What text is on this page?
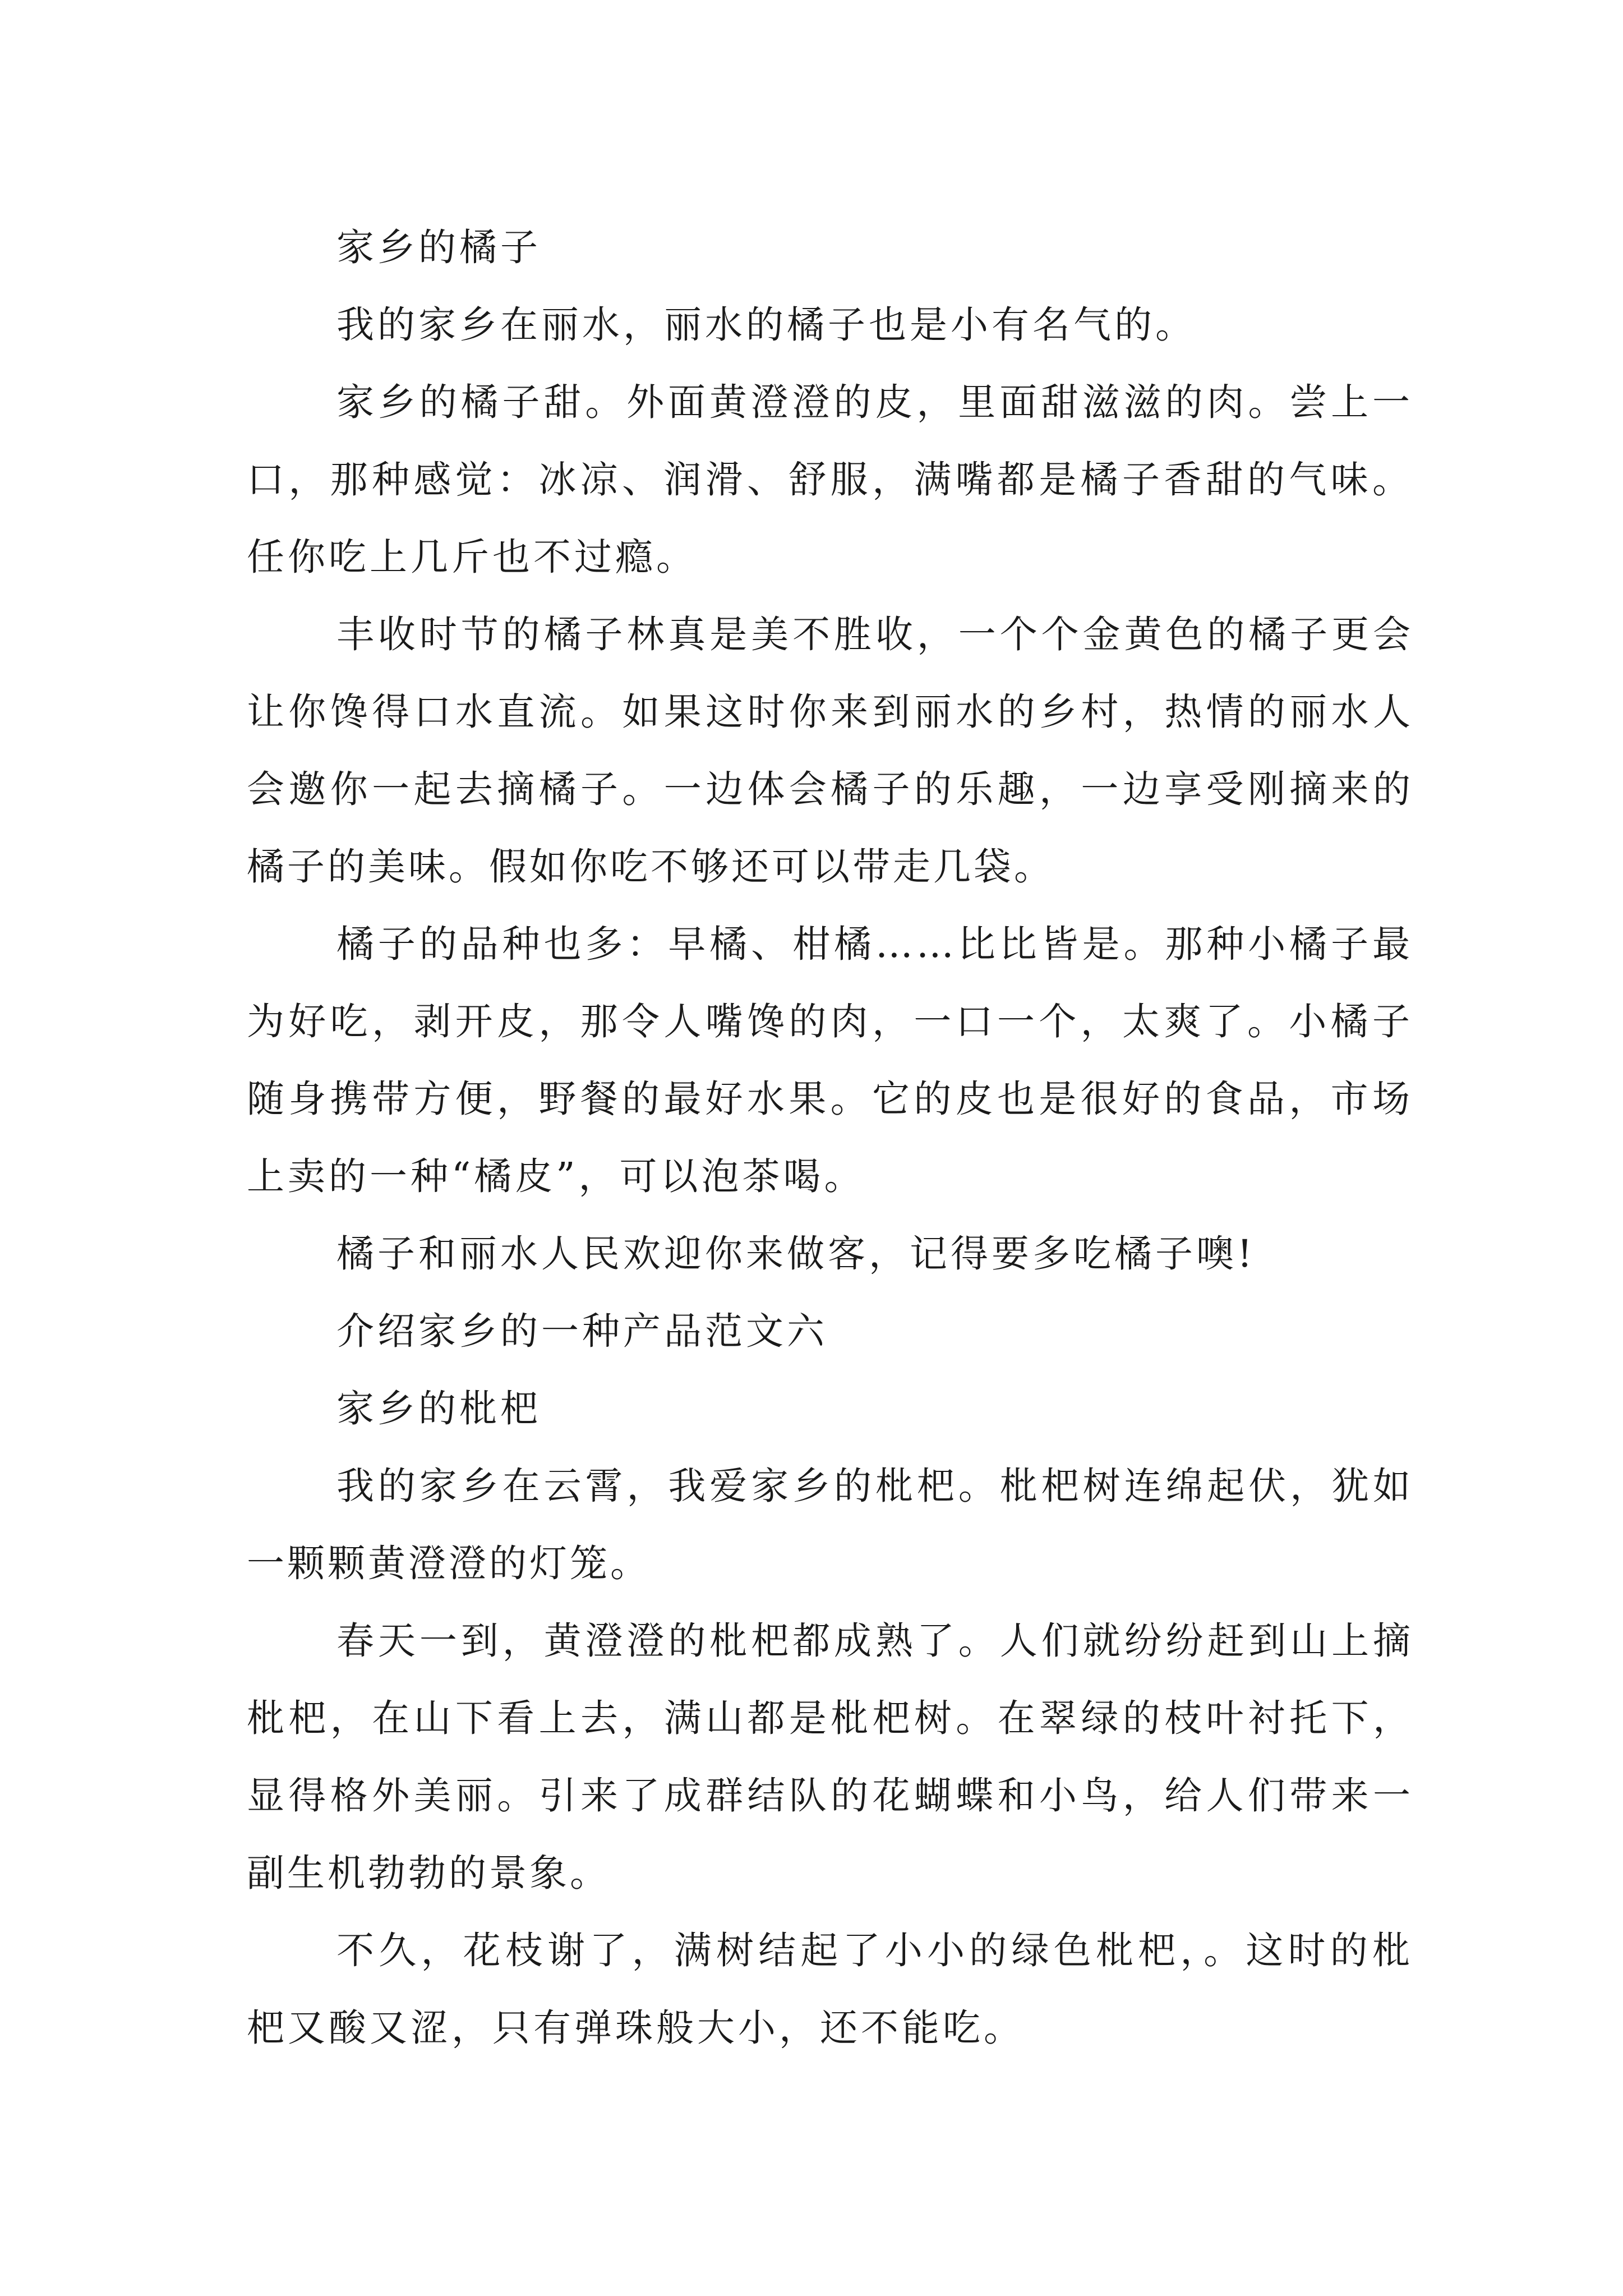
家乡的橘子

我的家乡在丽水，丽水的橘子也是小有名气的。

家乡的橘子甜。外面黄澄澄的皮，里面甜滋滋的肉。尝上一口，那种感觉：冰凉、润滑、舒服，满嘴都是橘子香甜的气味。任你吃上几斤也不过瘾。

丰收时节的橘子林真是美不胜收，一个个金黄色的橘子更会让你馋得口水直流。如果这时你来到丽水的乡村，热情的丽水人会邀你一起去摘橘子。一边体会橘子的乐趣，一边享受刚摘来的橘子的美味。假如你吃不够还可以带走几袋。

橘子的品种也多：早橘、柑橘……比比皆是。那种小橘子最为好吃，剥开皮，那令人嘴馋的肉，一口一个，太爽了。小橘子随身携带方便，野餐的最好水果。它的皮也是很好的食品，市场上卖的一种“橘皮”，可以泡茶喝。

橘子和丽水人民欢迎你来做客，记得要多吃橘子噢!

介绍家乡的一种产品范文六

家乡的枇杷

我的家乡在云霄，我爱家乡的枇杷。枇杷树连绵起伏，犹如一颗颗黄澄澄的灯笼。

春天一到，黄澄澄的枇杷都成熟了。人们就纷纷赶到山上摘枇杷，在山下看上去，满山都是枇杷树。在翠绿的枝叶衬托下，显得格外美丽。引来了成群结队的花蝴蝶和小鸟，给人们带来一副生机勃勃的景象。

不久，花枝谢了，满树结起了小小的绿色枇杷，。这时的枇杷又酸又涩，只有弹珠般大小，还不能吃。
